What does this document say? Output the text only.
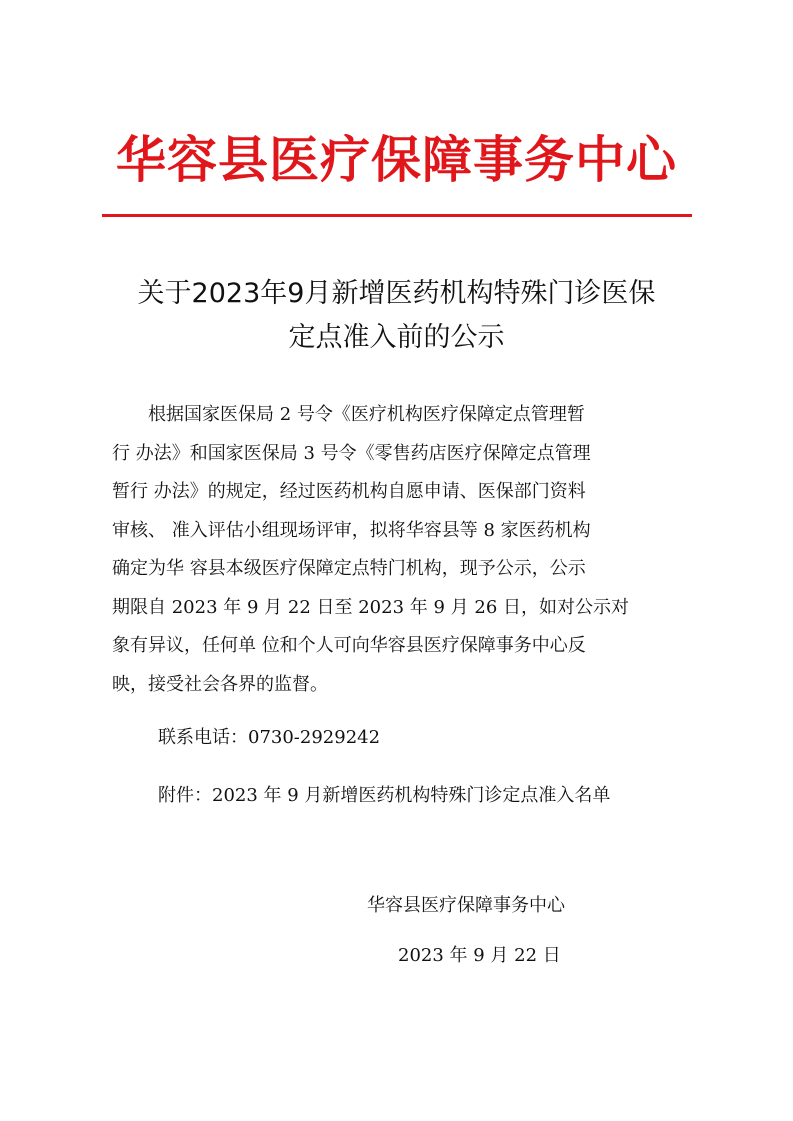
华容县医疗保障事务中心
关于2023年9月新增医药机构特殊门诊医保
定点准入前的公示
　　根据国家医保局 2 号令《医疗机构医疗保障定点管理暂
行 办法》和国家医保局 3 号令《零售药店医疗保障定点管理
暂行 办法》的规定，经过医药机构自愿申请、医保部门资料
审核、 准入评估小组现场评审，拟将华容县等 8 家医药机构
确定为华 容县本级医疗保障定点特门机构，现予公示，公示
期限自 2023 年 9 月 22 日至 2023 年 9 月 26 日，如对公示对
象有异议，任何单 位和个人可向华容县医疗保障事务中心反
映，接受社会各界的监督。
联系电话：0730-2929242
附件：2023 年 9 月新增医药机构特殊门诊定点准入名单
华容县医疗保障事务中心
2023 年 9 月 22 日
